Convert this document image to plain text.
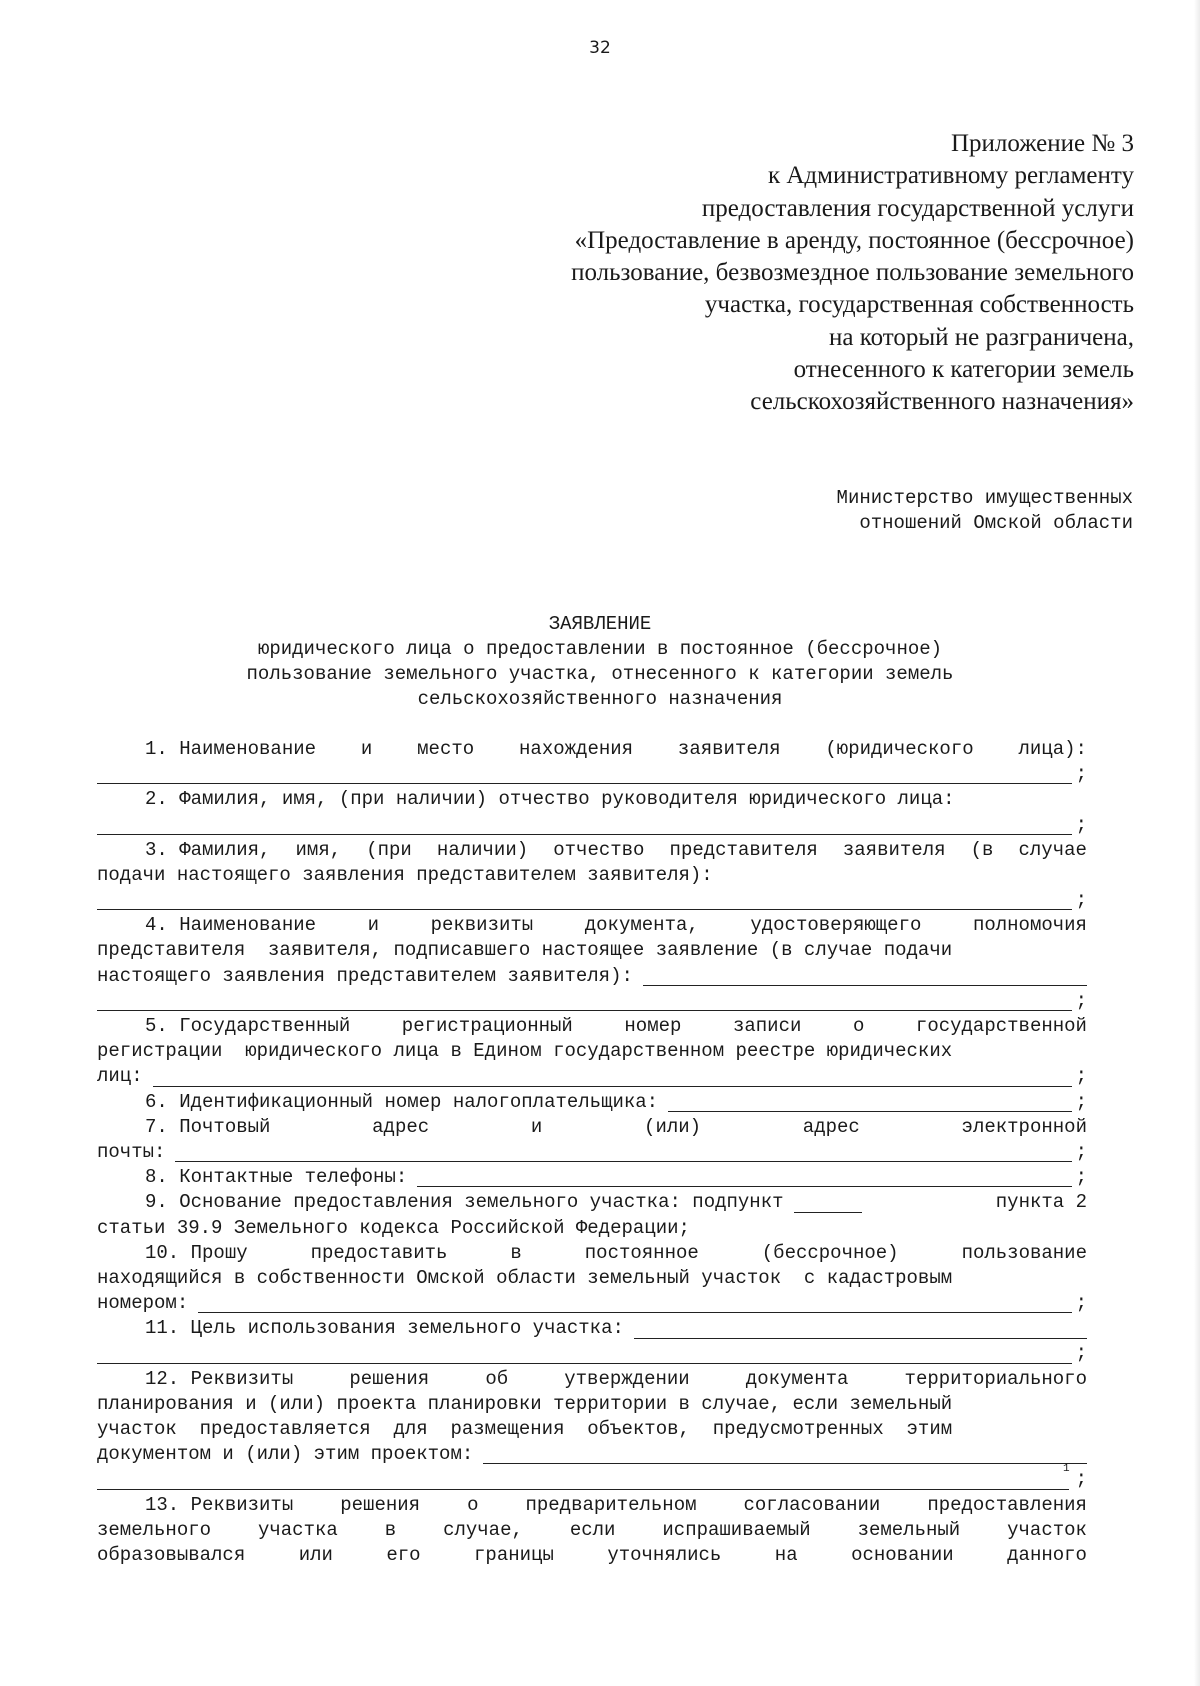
32
Приложение № 3
к Административному регламенту
предоставления государственной услуги
«Предоставление в аренду, постоянное (бессрочное)
пользование, безвозмездное пользование земельного
участка, государственная собственность
на который не разграничена,
отнесенного к категории земель
сельскохозяйственного назначения»
Министерство имущественных
отношений Омской области
ЗАЯВЛЕНИЕ
юридического лица о предоставлении в постоянное (бессрочное)
пользование земельного участка, отнесенного к категории земель
сельскохозяйственного назначения
1. Наименование и место нахождения заявителя (юридического лица):
;
2. Фамилия, имя, (при наличии) отчество руководителя юридического лица:
;
3. Фамилия, имя, (при наличии) отчество представителя заявителя (в случае
подачи настоящего заявления представителем заявителя):
;
4. Наименование	и	реквизиты	документа,	удостоверяющего	полномочия
представителя  заявителя, подписавшего настоящее заявление (в случае подачи
настоящего заявления представителем заявителя):
;
5. Государственный	регистрационный	номер	записи	о	государственной
регистрации  юридического лица в Едином государственном реестре юридических
лиц:	;
6. Идентификационный номер налогоплательщика:	;
7. Почтовый	адрес	и	(или)	адрес	электронной
почты:	;
8. Контактные телефоны:	;
9. Основание предоставления земельного участка: подпункт	пункта 2
статьи 39.9 Земельного кодекса Российской Федерации;
10. Прошу	предоставить	в	постоянное	(бессрочное)	пользование
находящийся в собственности Омской области земельный участок  с кадастровым
номером:	;
11. Цель использования земельного участка:
;
12. Реквизиты	решения	об	утверждении	документа	территориального
планирования и (или) проекта планировки территории в случае, если земельный
участок  предоставляется  для  размещения  объектов,  предусмотренных  этим
документом и (или) этим проектом:
1 ;
13. Реквизиты решения о предварительном согласовании предоставления
земельного участка в случае, если испрашиваемый земельный участок
образовывался	или	его	границы	уточнялись	на	основании	данного
